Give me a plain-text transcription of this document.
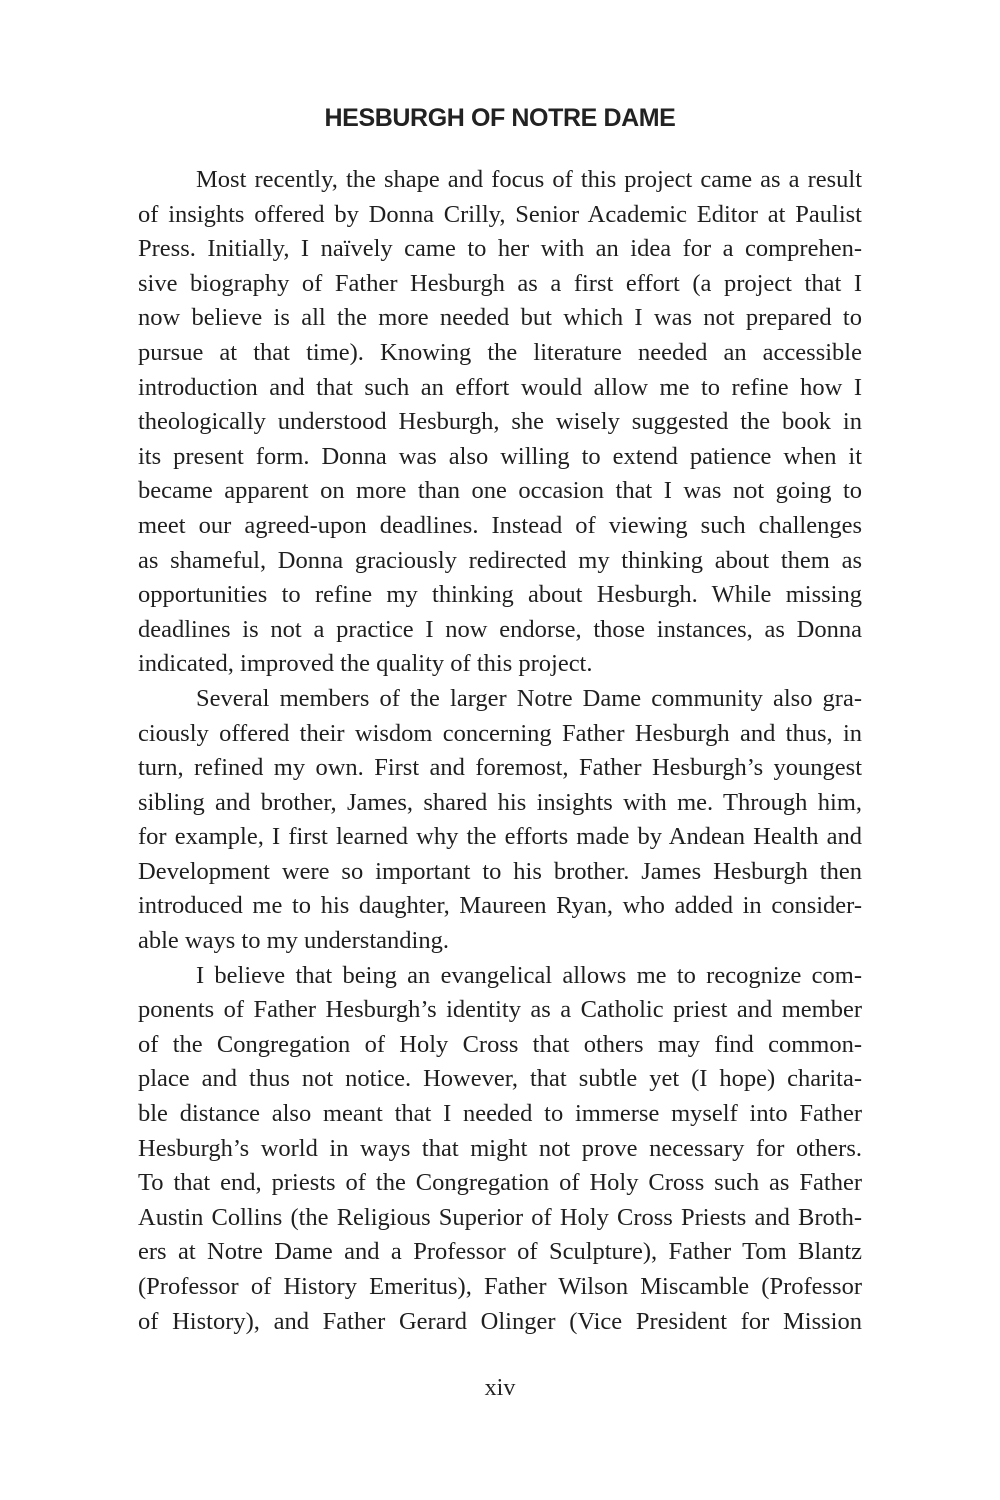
HESBURGH OF NOTRE DAME

Most recently, the shape and focus of this project came as a result
of insights offered by Donna Crilly, Senior Academic Editor at Paulist
Press. Initially, I naïvely came to her with an idea for a comprehen-
sive biography of Father Hesburgh as a first effort (a project that I
now believe is all the more needed but which I was not prepared to
pursue at that time). Knowing the literature needed an accessible
introduction and that such an effort would allow me to refine how I
theologically understood Hesburgh, she wisely suggested the book in
its present form. Donna was also willing to extend patience when it
became apparent on more than one occasion that I was not going to
meet our agreed-upon deadlines. Instead of viewing such challenges
as shameful, Donna graciously redirected my thinking about them as
opportunities to refine my thinking about Hesburgh. While missing
deadlines is not a practice I now endorse, those instances, as Donna
indicated, improved the quality of this project.

Several members of the larger Notre Dame community also gra-
ciously offered their wisdom concerning Father Hesburgh and thus, in
turn, refined my own. First and foremost, Father Hesburgh’s youngest
sibling and brother, James, shared his insights with me. Through him,
for example, I first learned why the efforts made by Andean Health and
Development were so important to his brother. James Hesburgh then
introduced me to his daughter, Maureen Ryan, who added in consider-
able ways to my understanding.

I believe that being an evangelical allows me to recognize com-
ponents of Father Hesburgh’s identity as a Catholic priest and member
of the Congregation of Holy Cross that others may find common-
place and thus not notice. However, that subtle yet (I hope) charita-
ble distance also meant that I needed to immerse myself into Father
Hesburgh’s world in ways that might not prove necessary for others.
To that end, priests of the Congregation of Holy Cross such as Father
Austin Collins (the Religious Superior of Holy Cross Priests and Broth-
ers at Notre Dame and a Professor of Sculpture), Father Tom Blantz
(Professor of History Emeritus), Father Wilson Miscamble (Professor
of History), and Father Gerard Olinger (Vice President for Mission

xiv
